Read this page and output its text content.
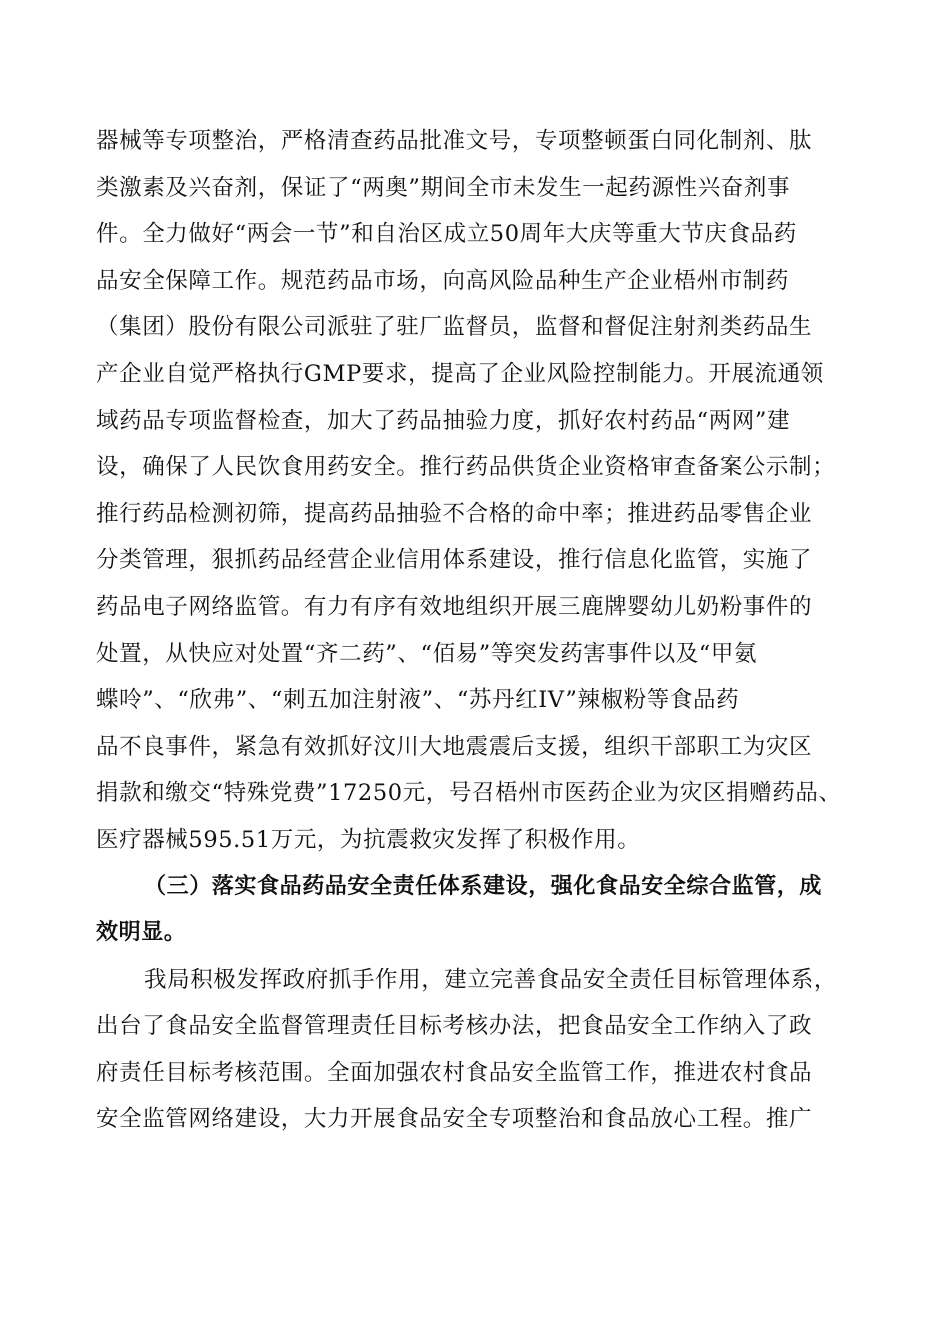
器械等专项整治，严格清查药品批准文号，专项整顿蛋白同化制剂、肽
类激素及兴奋剂，保证了“两奥”期间全市未发生一起药源性兴奋剂事
件。全力做好“两会一节”和自治区成立50周年大庆等重大节庆食品药
品安全保障工作。规范药品市场，向高风险品种生产企业梧州市制药
（集团）股份有限公司派驻了驻厂监督员，监督和督促注射剂类药品生
产企业自觉严格执行GMP要求，提高了企业风险控制能力。开展流通领
域药品专项监督检查，加大了药品抽验力度，抓好农村药品“两网”建
设，确保了人民饮食用药安全。推行药品供货企业资格审查备案公示制；
推行药品检测初筛，提高药品抽验不合格的命中率；推进药品零售企业
分类管理，狠抓药品经营企业信用体系建设，推行信息化监管，实施了
药品电子网络监管。有力有序有效地组织开展三鹿牌婴幼儿奶粉事件的
处置，从快应对处置“齐二药”、“佰易”等突发药害事件以及“甲氨
蝶呤”、“欣弗”、“刺五加注射液”、“苏丹红IV”辣椒粉等食品药
品不良事件，紧急有效抓好汶川大地震震后支援，组织干部职工为灾区
捐款和缴交“特殊党费”17250元，号召梧州市医药企业为灾区捐赠药品、
医疗器械595.51万元，为抗震救灾发挥了积极作用。
（三）落实食品药品安全责任体系建设，强化食品安全综合监管，成
效明显。
我局积极发挥政府抓手作用，建立完善食品安全责任目标管理体系，
出台了食品安全监督管理责任目标考核办法，把食品安全工作纳入了政
府责任目标考核范围。全面加强农村食品安全监管工作，推进农村食品
安全监管网络建设，大力开展食品安全专项整治和食品放心工程。推广
